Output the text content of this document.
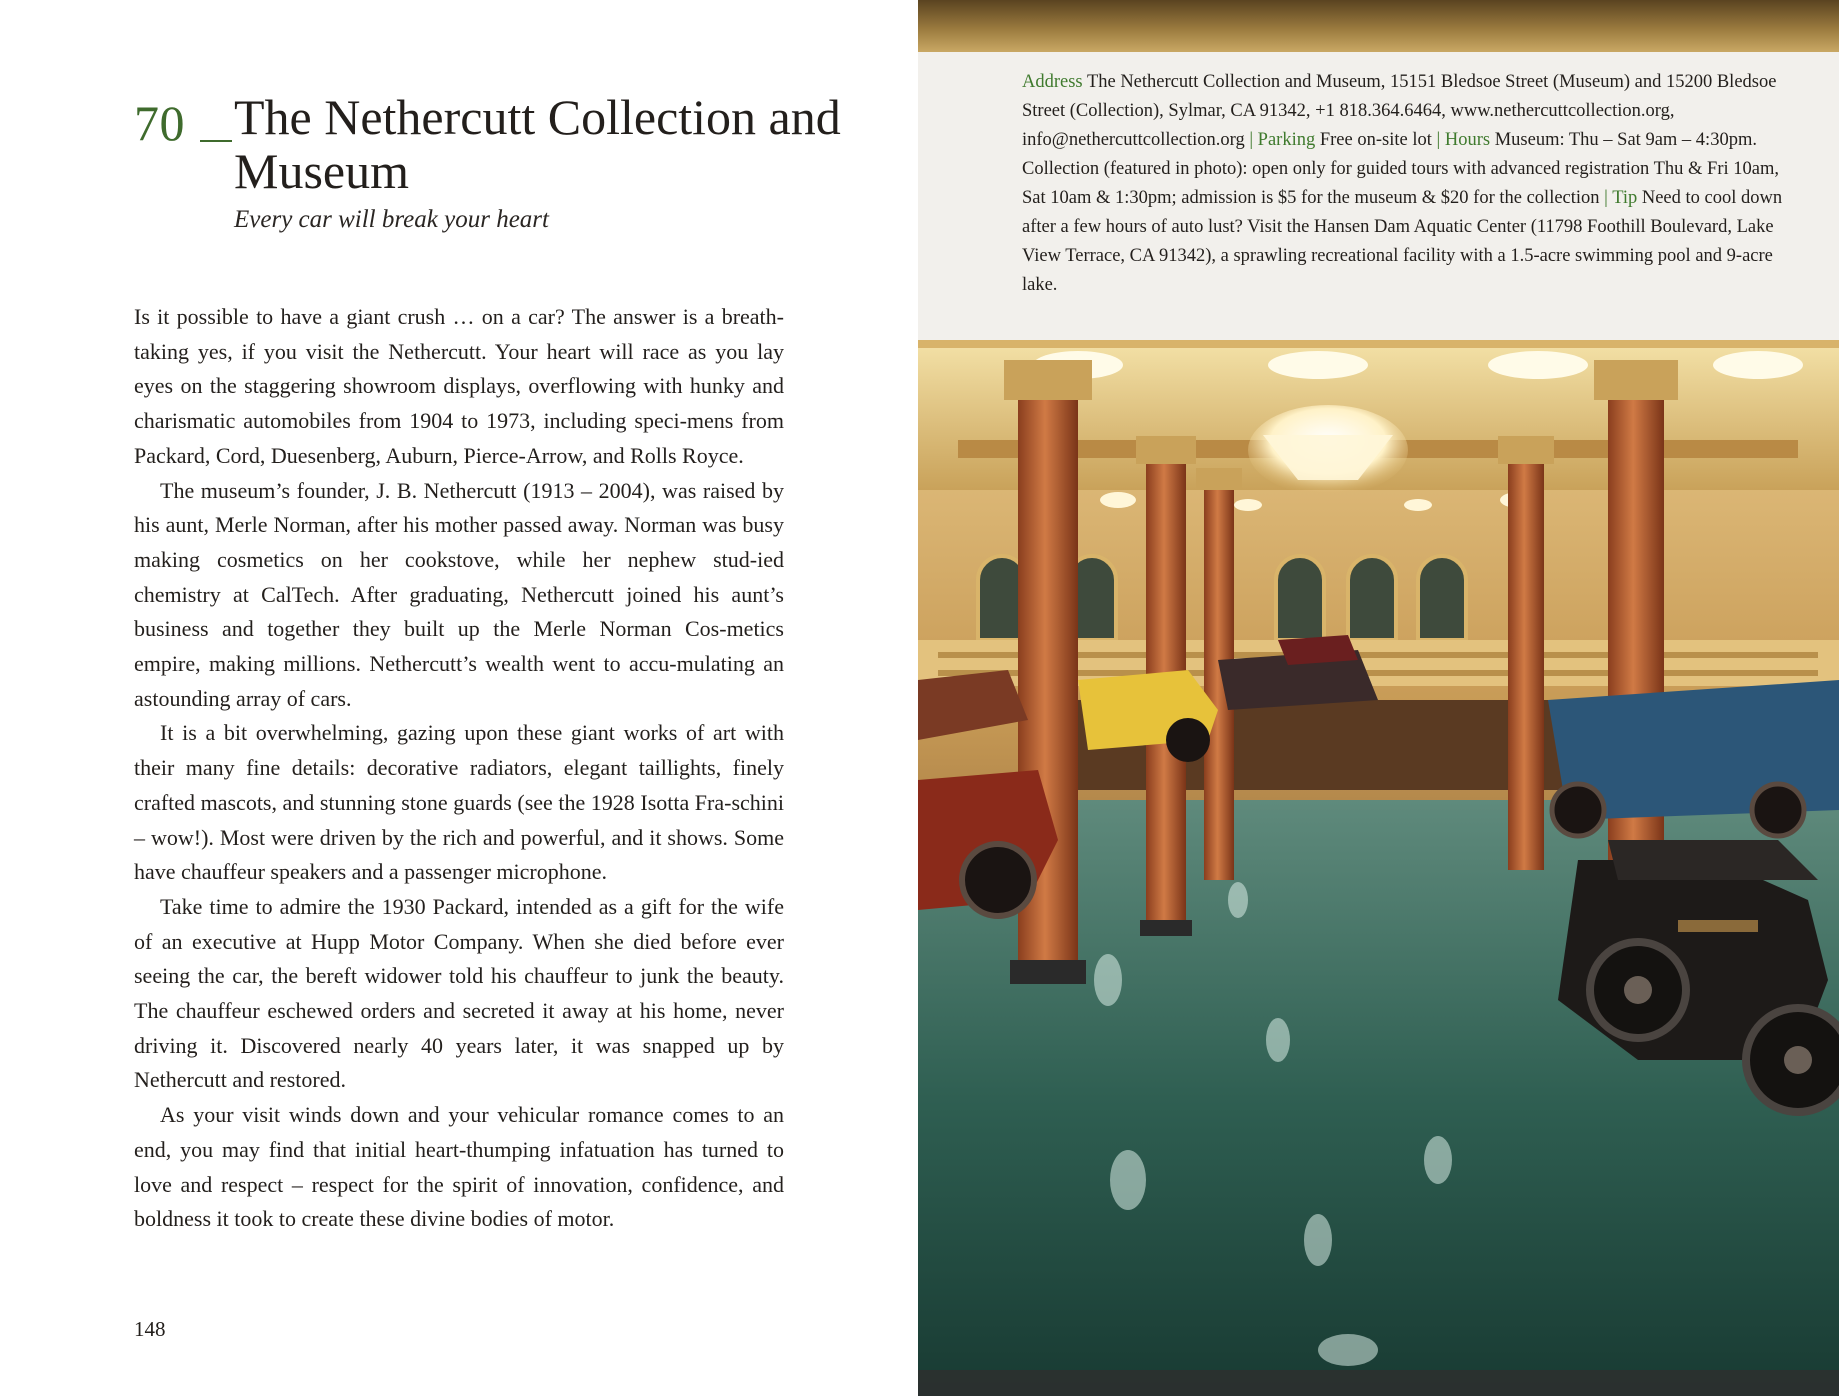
70 The Nethercutt Collection and Museum
Every car will break your heart

Is it possible to have a giant crush … on a car? The answer is a breath-taking yes, if you visit the Nethercutt. Your heart will race as you lay eyes on the staggering showroom displays, overflowing with hunky and charismatic automobiles from 1904 to 1973, including speci-mens from Packard, Cord, Duesenberg, Auburn, Pierce-Arrow, and Rolls Royce.

The museum’s founder, J. B. Nethercutt (1913 – 2004), was raised by his aunt, Merle Norman, after his mother passed away. Norman was busy making cosmetics on her cookstove, while her nephew stud-ied chemistry at CalTech. After graduating, Nethercutt joined his aunt’s business and together they built up the Merle Norman Cos-metics empire, making millions. Nethercutt’s wealth went to accu-mulating an astounding array of cars.

It is a bit overwhelming, gazing upon these giant works of art with their many fine details: decorative radiators, elegant taillights, finely crafted mascots, and stunning stone guards (see the 1928 Isotta Fra-schini – wow!). Most were driven by the rich and powerful, and it shows. Some have chauffeur speakers and a passenger microphone.

Take time to admire the 1930 Packard, intended as a gift for the wife of an executive at Hupp Motor Company. When she died before ever seeing the car, the bereft widower told his chauffeur to junk the beauty. The chauffeur eschewed orders and secreted it away at his home, never driving it. Discovered nearly 40 years later, it was snapped up by Nethercutt and restored.

As your visit winds down and your vehicular romance comes to an end, you may find that initial heart-thumping infatuation has turned to love and respect – respect for the spirit of innovation, confidence, and boldness it took to create these divine bodies of motor.

148
Address The Nethercutt Collection and Museum, 15151 Bledsoe Street (Museum) and 15200 Bledsoe Street (Collection), Sylmar, CA 91342, +1 818.364.6464, www.nethercuttcollection.org, info@nethercuttcollection.org | Parking Free on-site lot | Hours Museum: Thu – Sat 9am – 4:30pm. Collection (featured in photo): open only for guided tours with advanced registration Thu & Fri 10am, Sat 10am & 1:30pm; admission is $5 for the museum & $20 for the collection | Tip Need to cool down after a few hours of auto lust? Visit the Hansen Dam Aquatic Center (11798 Foothill Boulevard, Lake View Terrace, CA 91342), a sprawling recreational facility with a 1.5-acre swimming pool and 9-acre lake.
